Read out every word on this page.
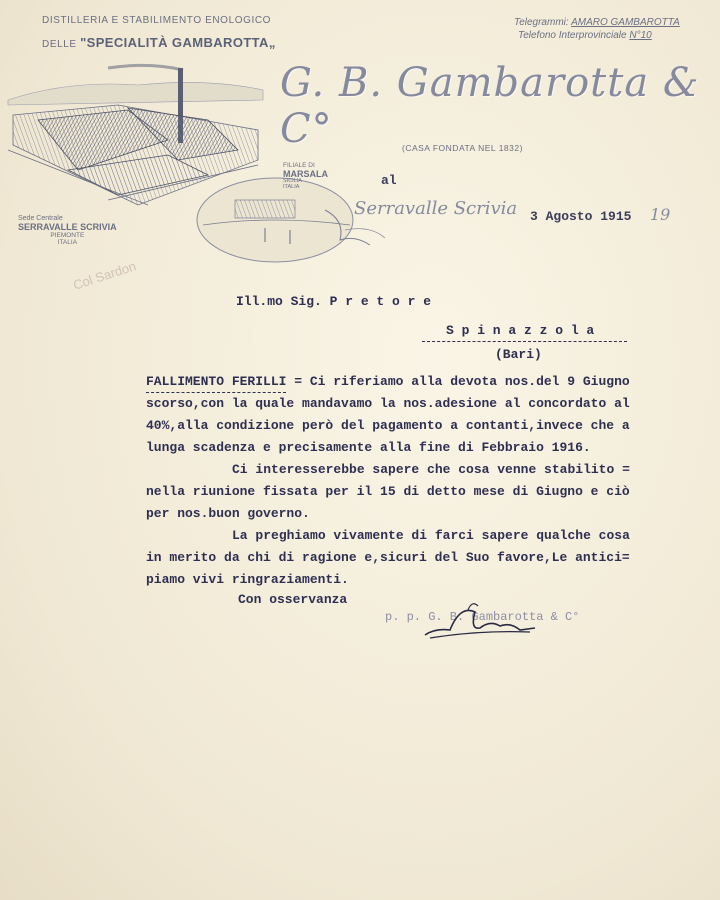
DISTILLERIA E STABILIMENTO ENOLOGICO
DELLE "SPECIALITÀ GAMBAROTTA„
Telegrammi: AMARO GAMBAROTTA
Telefono Interprovinciale N°10
Sede Centrale
SERRAVALLE SCRIVIA
PIEMONTE
ITALIA
FILIALE DI
MARSALA
SICILIA
ITALIA
G. B. Gambarotta & C°	(CASA FONDATA NEL 1832)
al
Serravalle Scrivia 3 Agosto 1915 19
Col Sardon
Ill.mo Sig. P r e t o r e
S p i n a z z o l a
(Bari)
FALLIMENTO FERILLI = Ci riferiamo alla devota nos.del 9 Giugno
scorso,con la quale mandavamo la nos.adesione al concordato al
40%,alla condizione però del pagamento a contanti,invece che a
lunga scadenza e precisamente alla fine di Febbraio 1916.
Ci interesserebbe sapere che cosa venne stabilito =
nella riunione fissata per il 15 di detto mese di Giugno e ciò
per nos.buon governo.
La preghiamo vivamente di farci sapere qualche cosa
in merito da chi di ragione e,sicuri del Suo favore,Le antici=
piamo vivi ringraziamenti.
Con osservanza
p. p. G. B. Gambarotta & C°
